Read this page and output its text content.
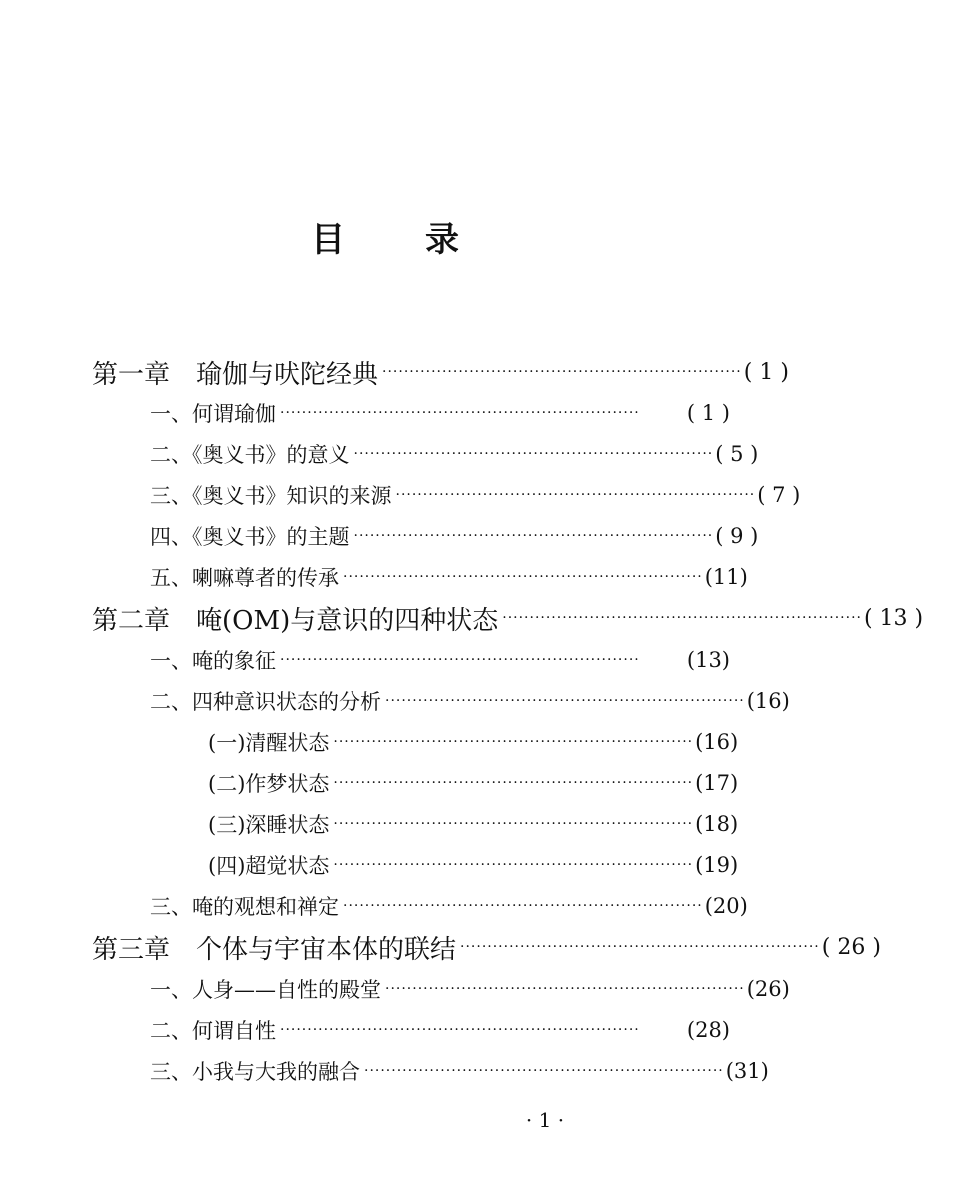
目 录
第一章 瑜伽与吠陀经典 ·································································· ( 1 )
一、何谓瑜伽 ··································································	( 1 )
二、《奥义书》的意义 ·································································· ( 5 )
三、《奥义书》知识的来源 ·································································· ( 7 )
四、《奥义书》的主题 ·································································· ( 9 )
五、喇嘛尊者的传承 ·································································· (11)
第二章 唵(OM)与意识的四种状态 ·································································· ( 13 )
一、唵的象征 ··································································	(13)
二、四种意识状态的分析 ·································································· (16)
(一)清醒状态 ·································································· (16)
(二)作梦状态 ·································································· (17)
(三)深睡状态 ·································································· (18)
(四)超觉状态 ·································································· (19)
三、唵的观想和禅定 ·································································· (20)
第三章 个体与宇宙本体的联结 ·································································· ( 26 )
一、人身——自性的殿堂 ·································································· (26)
二、何谓自性 ··································································	(28)
三、小我与大我的融合 ·································································· (31)
· 1 ·
